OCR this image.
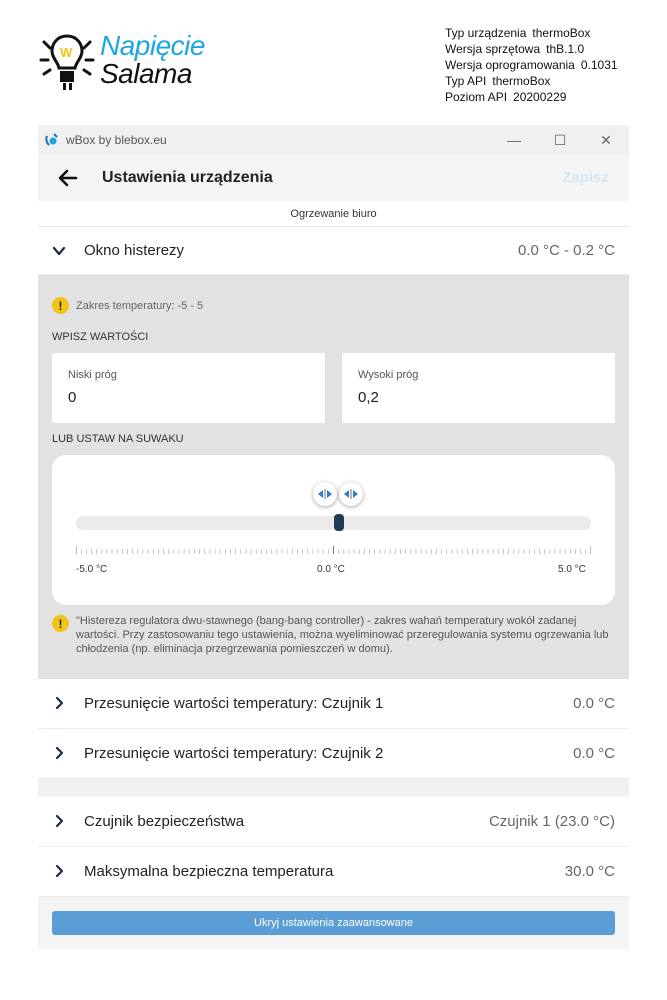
W Napięcie
Salama
Typ urządzenia thermoBox
Wersja sprzętowa thB.1.0
Wersja oprogramowania 0.1031
Typ API thermoBox
Poziom API 20200229
wBox by blebox.eu	—	☐	✕
Ustawienia urządzenia	Zapisz
Ogrzewanie biuro
Okno histerezy	0.0 °C - 0.2 °C
!	Zakres temperatury: -5 - 5
WPISZ WARTOŚCI
Niski próg
0
Wysoki próg
0,2
LUB USTAW NA SUWAKU
-5.0 °C	0.0 °C	5.0 °C
!	"Histereza regulatora dwu-stawnego (bang-bang controller) - zakres wahań temperatury wokół zadanej wartości. Przy zastosowaniu tego ustawienia, można wyeliminować przeregulowania systemu ogrzewania lub chłodzenia (np. eliminacja przegrzewania pomieszczeń w domu).
Przesunięcie wartości temperatury: Czujnik 1	0.0 °C
Przesunięcie wartości temperatury: Czujnik 2	0.0 °C
Czujnik bezpieczeństwa	Czujnik 1 (23.0 °C)
Maksymalna bezpieczna temperatura	30.0 °C
Ukryj ustawienia zaawansowane
